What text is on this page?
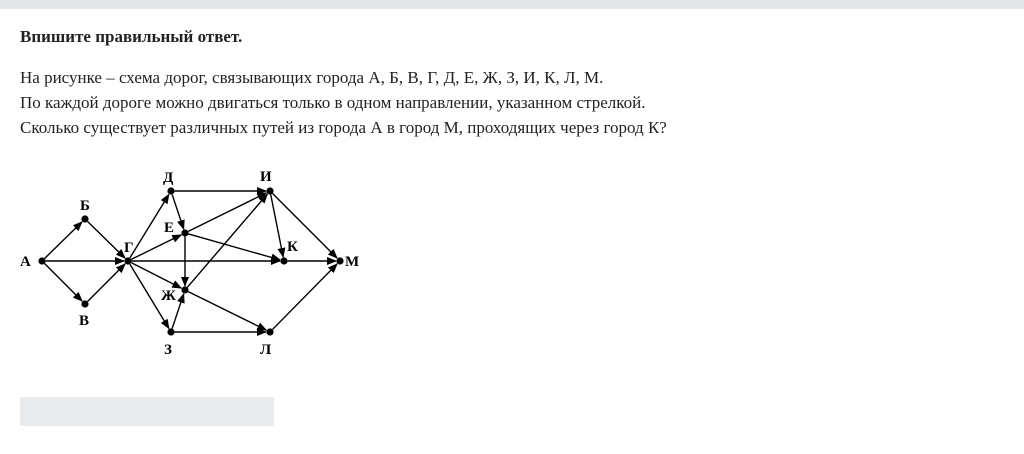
Впишите правильный ответ.

На рисунке – схема дорог, связывающих города А, Б, В, Г, Д, Е, Ж, З, И, К, Л, М.

По каждой дороге можно двигаться только в одном направлении, указанном стрелкой.

Сколько существует различных путей из города А в город М, проходящих через город К?

А
Б
В
Г
Д
Е
Ж
З
И
К
Л
М
